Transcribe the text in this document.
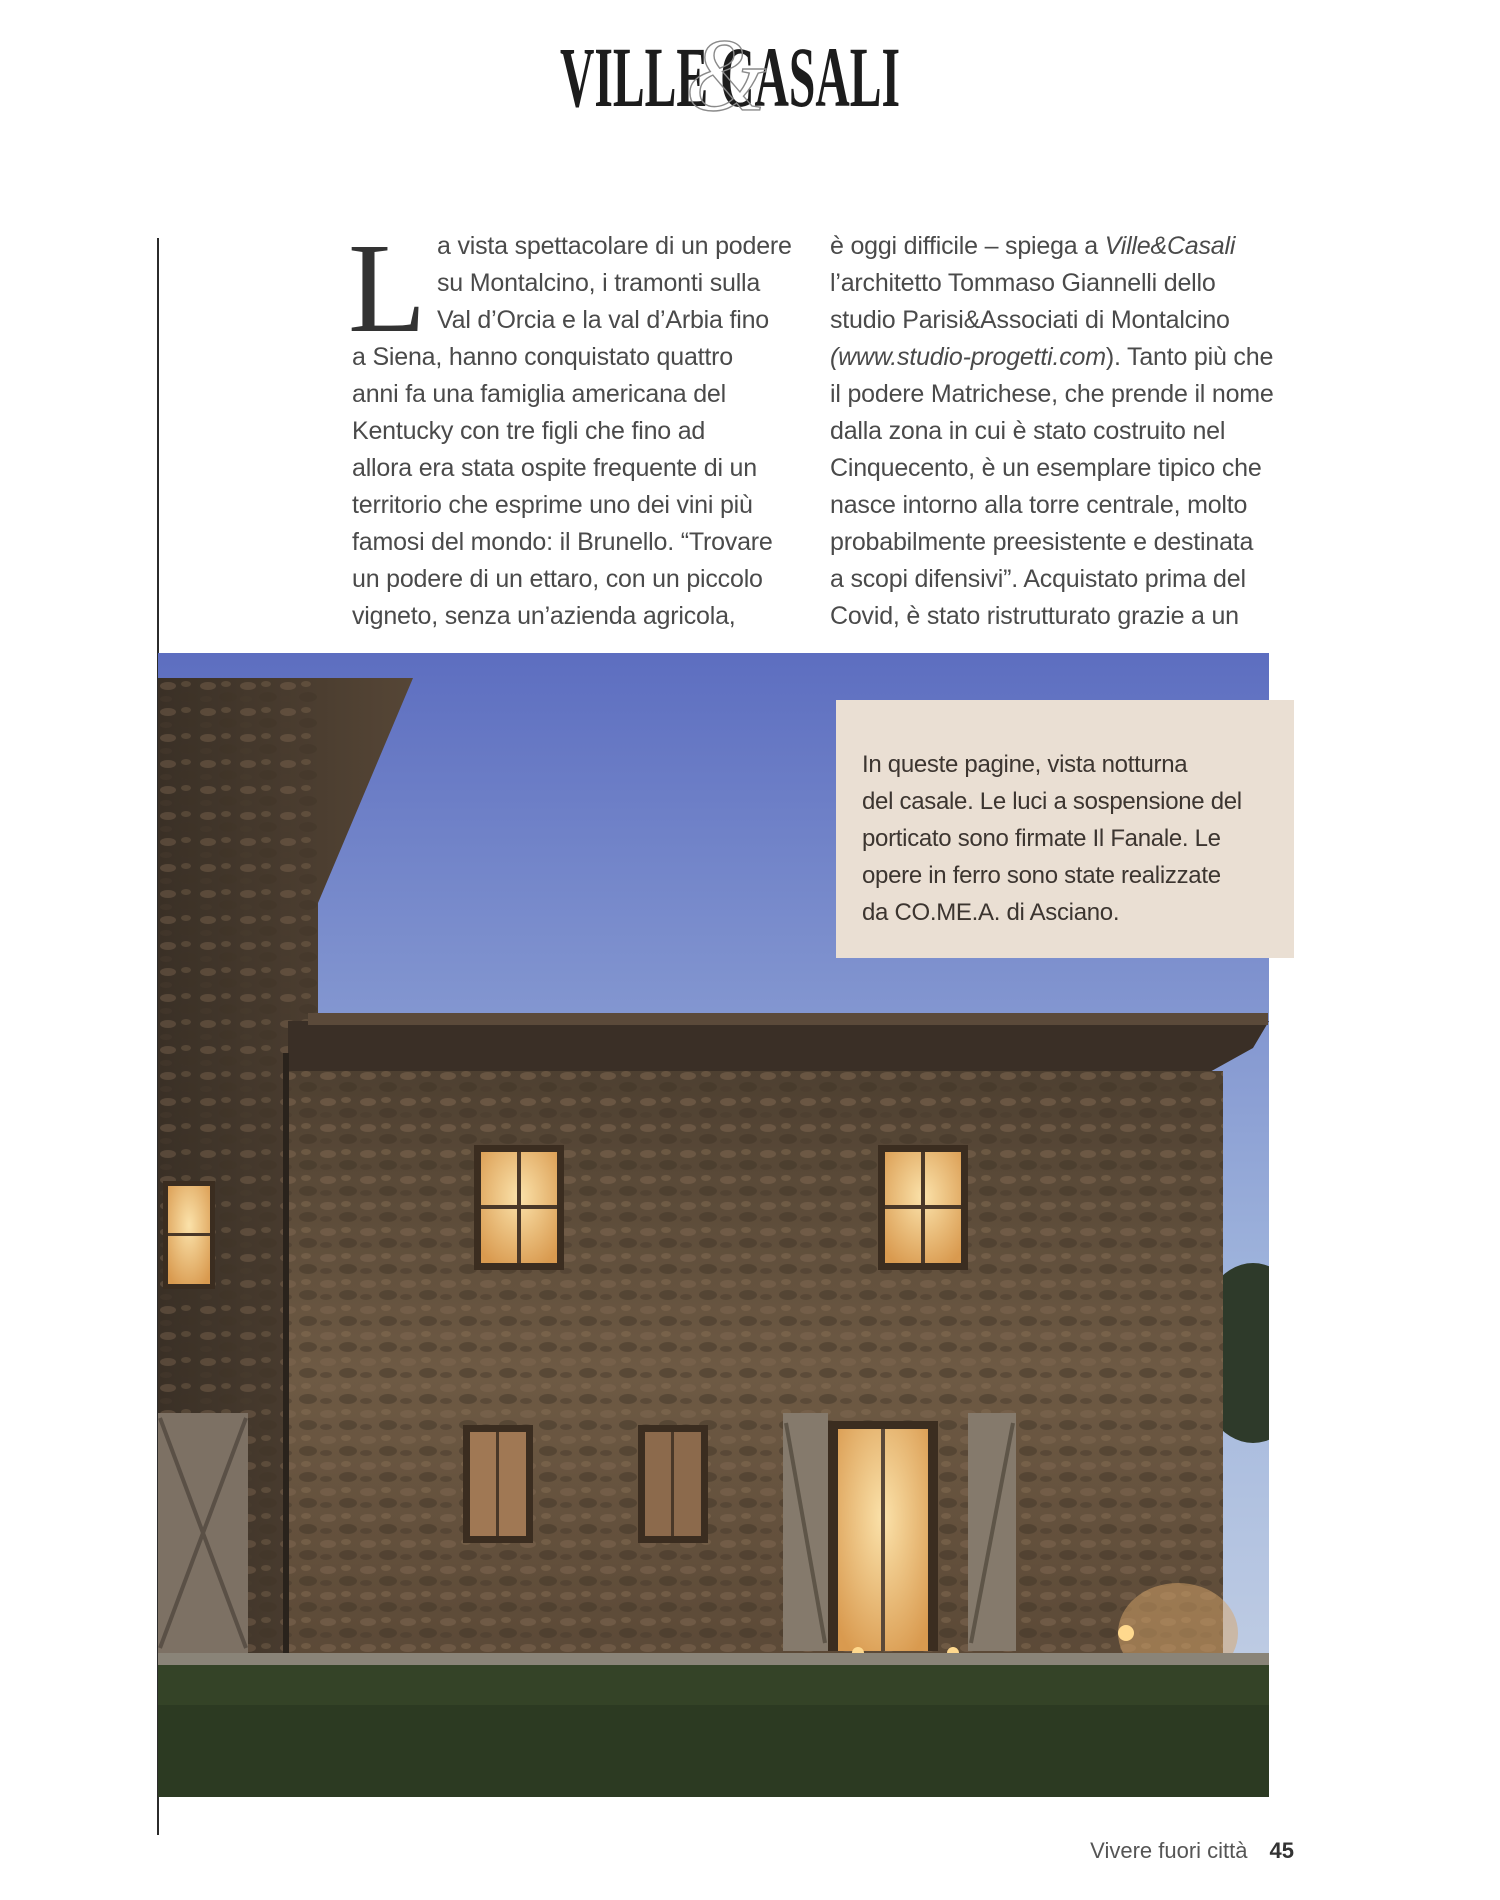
VILLE CASALI
&
L a vista spettacolare di un podere
su Montalcino, i tramonti sulla
Val d’Orcia e la val d’Arbia fino
a Siena, hanno conquistato quattro
anni fa una famiglia americana del
Kentucky con tre figli che fino ad
allora era stata ospite frequente di un
territorio che esprime uno dei vini più
famosi del mondo: il Brunello. “Trovare
un podere di un ettaro, con un piccolo
vigneto, senza un’azienda agricola,
è oggi difficile – spiega a Ville&Casali
l’architetto Tommaso Giannelli dello
studio Parisi&Associati di Montalcino
(www.studio-progetti.com). Tanto più che
il podere Matrichese, che prende il nome
dalla zona in cui è stato costruito nel
Cinquecento, è un esemplare tipico che
nasce intorno alla torre centrale, molto
probabilmente preesistente e destinata
a scopi difensivi”. Acquistato prima del
Covid, è stato ristrutturato grazie a un
In queste pagine, vista notturna
del casale. Le luci a sospensione del
porticato sono firmate Il Fanale. Le
opere in ferro sono state realizzate
da CO.ME.A. di Asciano.
Vivere fuori città 45
